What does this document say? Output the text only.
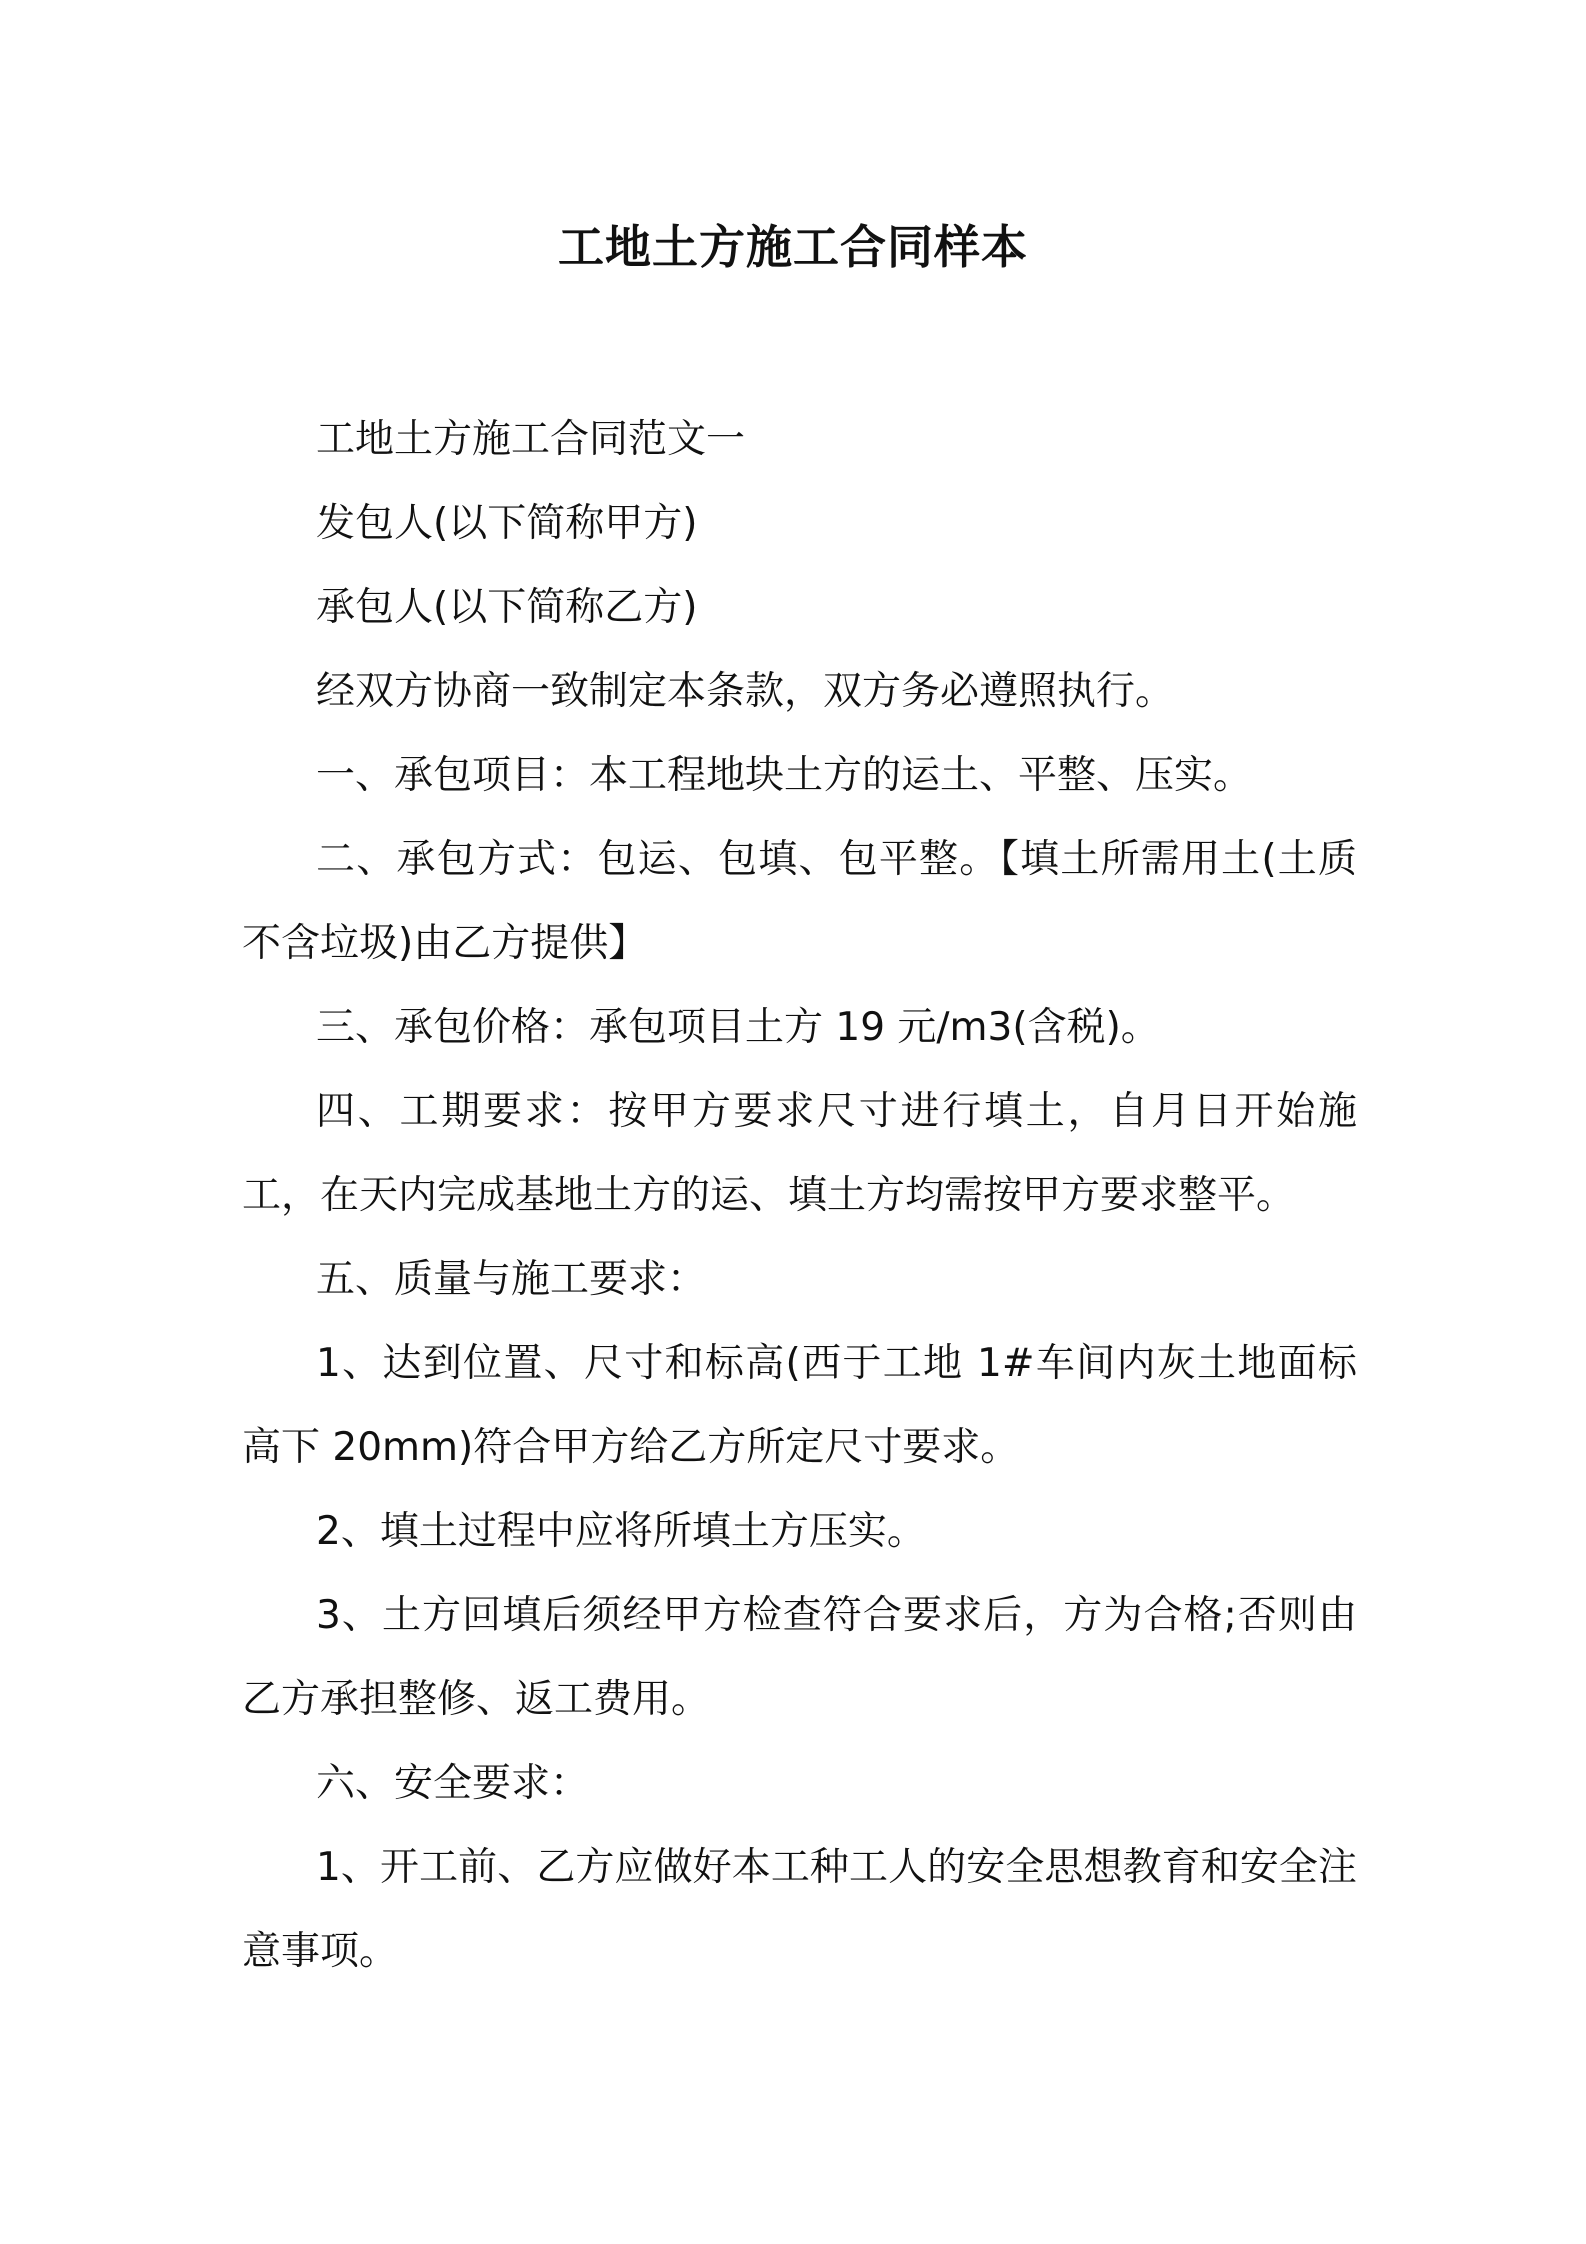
工地土方施工合同样本

工地土方施工合同范文一

发包人(以下简称甲方)

承包人(以下简称乙方)

经双方协商一致制定本条款，双方务必遵照执行。

一、承包项目：本工程地块土方的运土、平整、压实。

二、承包方式：包运、包填、包平整。【填土所需用土(土质不含垃圾)由乙方提供】

三、承包价格：承包项目土方 19 元/m3(含税)。

四、工期要求：按甲方要求尺寸进行填土，自月日开始施工，在天内完成基地土方的运、填土方均需按甲方要求整平。

五、质量与施工要求：

1、达到位置、尺寸和标高(西于工地 1#车间内灰土地面标高下 20mm)符合甲方给乙方所定尺寸要求。

2、填土过程中应将所填土方压实。

3、土方回填后须经甲方检查符合要求后，方为合格;否则由乙方承担整修、返工费用。

六、安全要求：

1、开工前、乙方应做好本工种工人的安全思想教育和安全注意事项。
